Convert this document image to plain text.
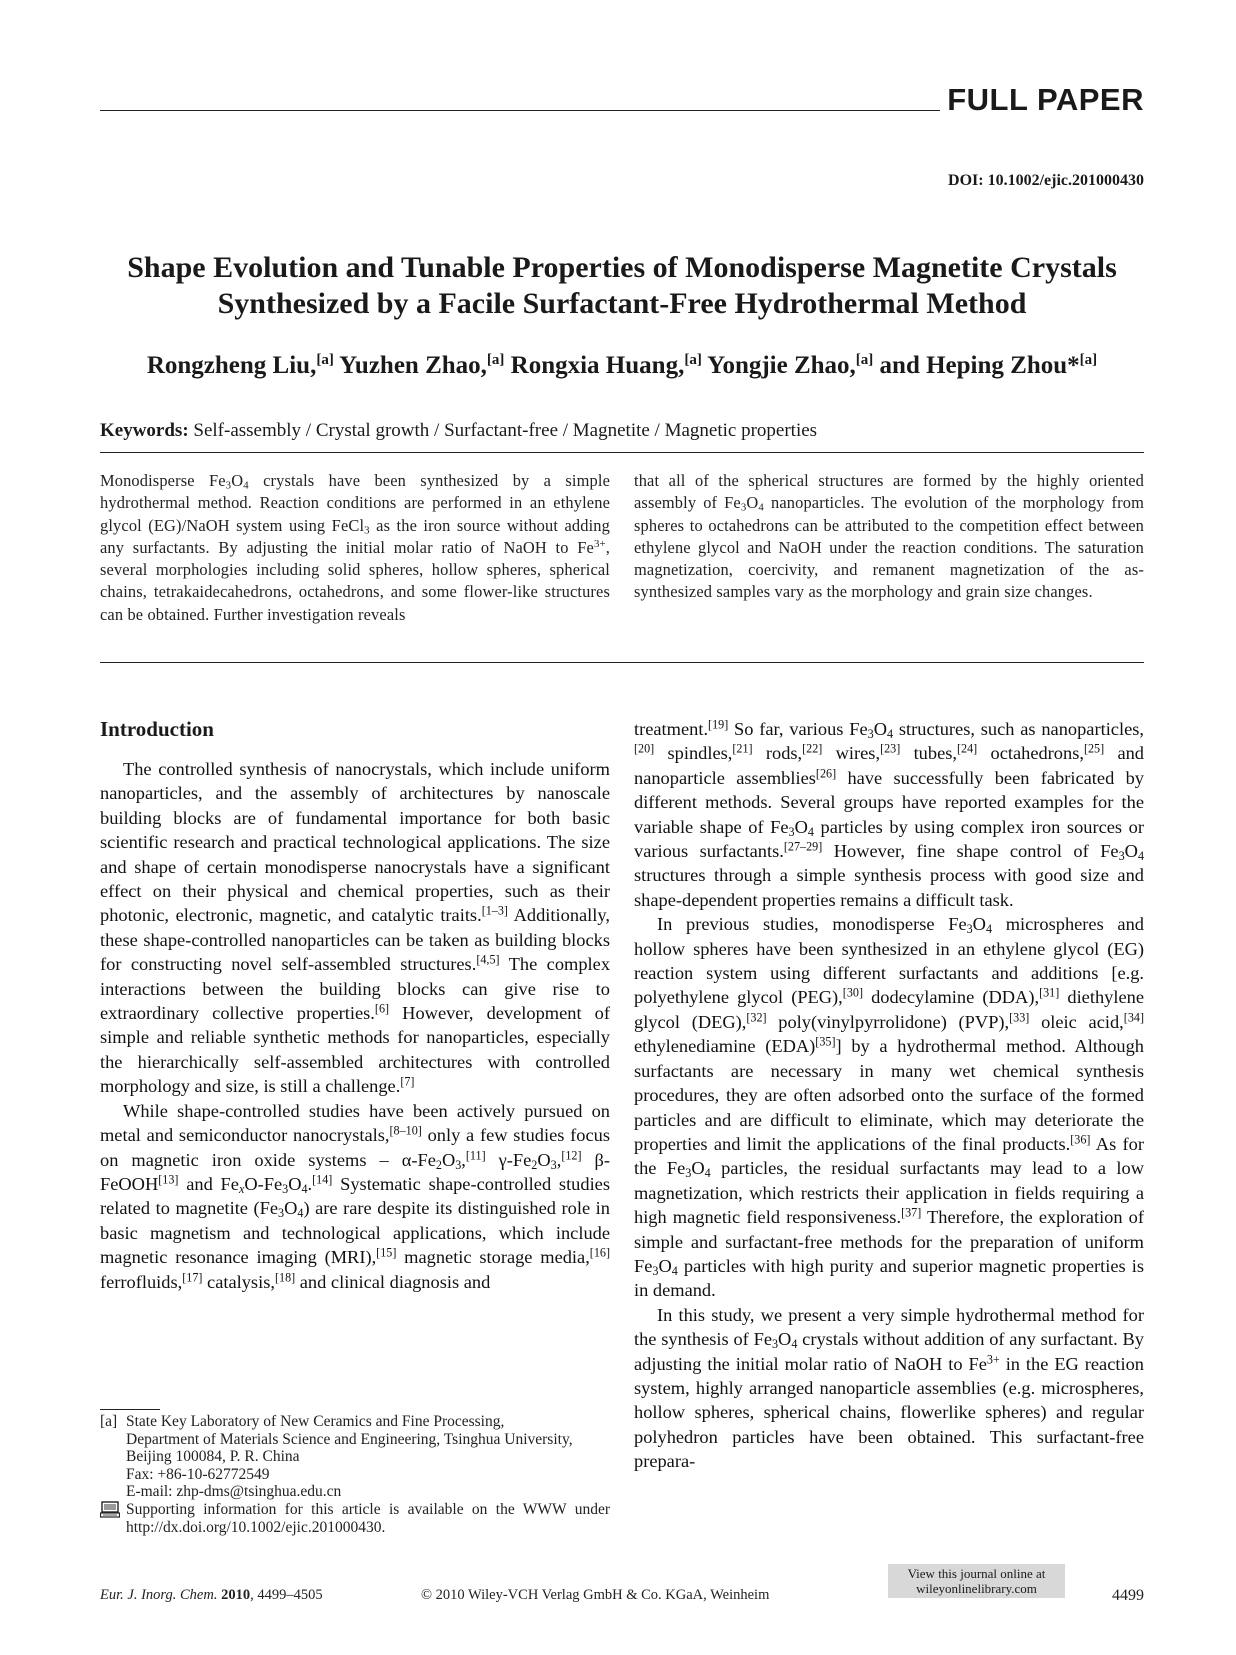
FULL PAPER
DOI: 10.1002/ejic.201000430
Shape Evolution and Tunable Properties of Monodisperse Magnetite Crystals
Synthesized by a Facile Surfactant-Free Hydrothermal Method
Rongzheng Liu,[a] Yuzhen Zhao,[a] Rongxia Huang,[a] Yongjie Zhao,[a] and Heping Zhou*[a]
Keywords: Self-assembly / Crystal growth / Surfactant-free / Magnetite / Magnetic properties
Monodisperse $Fe_3O_4$ crystals have been synthesized by a simple hydrothermal method. Reaction conditions are performed in an ethylene glycol (EG)/NaOH system using FeCl$_3$ as the iron source without adding any surfactants. By adjusting the initial molar ratio of NaOH to $Fe^{3+}$, several morphologies including solid spheres, hollow spheres, spherical chains, tetrakaidecahedrons, octahedrons, and some flower-like structures can be obtained. Further investigation reveals
that all of the spherical structures are formed by the highly oriented assembly of $Fe_3O_4$ nanoparticles. The evolution of the morphology from spheres to octahedrons can be attributed to the competition effect between ethylene glycol and NaOH under the reaction conditions. The saturation magnetization, coercivity, and remanent magnetization of the as-synthesized samples vary as the morphology and grain size changes.
Introduction

The controlled synthesis of nanocrystals, which include uniform nanoparticles, and the assembly of architectures by nanoscale building blocks are of fundamental importance for both basic scientific research and practical technological applications. The size and shape of certain monodisperse nanocrystals have a significant effect on their physical and chemical properties, such as their photonic, electronic, magnetic, and catalytic traits.[1–3] Additionally, these shape-controlled nanoparticles can be taken as building blocks for constructing novel self-assembled structures.[4,5] The complex interactions between the building blocks can give rise to extraordinary collective properties.[6] However, development of simple and reliable synthetic methods for nanoparticles, especially the hierarchically self-assembled architectures with controlled morphology and size, is still a challenge.[7]

While shape-controlled studies have been actively pursued on metal and semiconductor nanocrystals,[8–10] only a few studies focus on magnetic iron oxide systems – $\alpha-Fe_2O_3,[11]$ $\gamma-Fe_2O_3,[12]$ β-FeOOH[13] and $Fe_xO-Fe_3O_4.[14]$ Systematic shape-controlled studies related to magnetite $(Fe_3O_4)$ are rare despite its distinguished role in basic magnetism and technological applications, which include magnetic resonance imaging (MRI),[15] magnetic storage media,[16] ferrofluids,[17] catalysis,[18] and clinical diagnosis and

treatment.[19] So far, various $Fe_3O_4$ structures, such as nanoparticles,[20] spindles,[21] rods,[22] wires,[23] tubes,[24] octahedrons,[25] and nanoparticle assemblies[26] have successfully been fabricated by different methods. Several groups have reported examples for the variable shape of $Fe_3O_4$ particles by using complex iron sources or various surfactants.[27–29] However, fine shape control of $Fe_3O_4$ structures through a simple synthesis process with good size and shape-dependent properties remains a difficult task.

In previous studies, monodisperse $Fe_3O_4$ microspheres and hollow spheres have been synthesized in an ethylene glycol (EG) reaction system using different surfactants and additions [e.g. polyethylene glycol (PEG),[30] dodecylamine (DDA),[31] diethylene glycol (DEG),[32] poly(vinylpyrrolidone) (PVP),[33] oleic acid,[34] ethylenediamine (EDA)[35]] by a hydrothermal method. Although surfactants are necessary in many wet chemical synthesis procedures, they are often adsorbed onto the surface of the formed particles and are difficult to eliminate, which may deteriorate the properties and limit the applications of the final products.[36] As for the $Fe_3O_4$ particles, the residual surfactants may lead to a low magnetization, which restricts their application in fields requiring a high magnetic field responsiveness.[37] Therefore, the exploration of simple and surfactant-free methods for the preparation of uniform $Fe_3O_4$ particles with high purity and superior magnetic properties is in demand.

In this study, we present a very simple hydrothermal method for the synthesis of $Fe_3O_4$ crystals without addition of any surfactant. By adjusting the initial molar ratio of NaOH to $Fe^{3+}$ in the EG reaction system, highly arranged nanoparticle assemblies (e.g. microspheres, hollow spheres, spherical chains, flowerlike spheres) and regular polyhedron particles have been obtained. This surfactant-free prepara-

[a] State Key Laboratory of New Ceramics and Fine Processing,
Department of Materials Science and Engineering, Tsinghua University,
Beijing 100084, P. R. China
Fax: +86-10-62772549
E-mail: zhp-dms@tsinghua.edu.cn
Supporting information for this article is available on the WWW under http://dx.doi.org/10.1002/ejic.201000430.
Eur. J. Inorg. Chem. 2010, 4499–4505	© 2010 Wiley-VCH Verlag GmbH & Co. KGaA, Weinheim
View this journal online at
wileyonlinelibrary.com	4499
